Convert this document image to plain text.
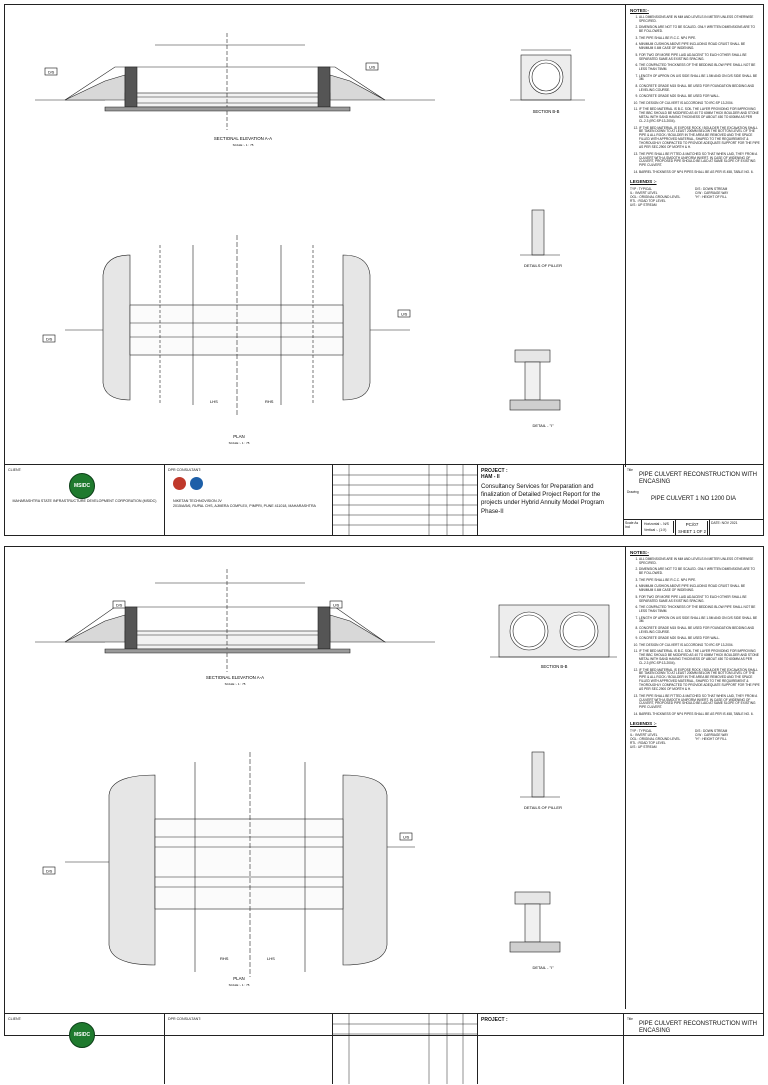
D/S
U/S
SECTIONAL ELEVATION A-A
SCALE :- 1 : 75
SECTION B-B
D/S
U/S
LHS	RHS
PLAN
SCALE :- 1 : 75
DETAILS OF PILLER
DETAIL - "I"
NOTES:-
1. ALL DIMENSIONS ARE IN MM AND LEVELS IN METER UNLESS OTHERWISE SPECIFIED.
2. DIMENSION ARE NOT TO BE SCALED. ONLY WRITTEN DIMENSIONS ARE TO BE FOLLOWED.
3. THE PIPE SHALL BE R.C.C. NP4 PIPE.
4. MINIMUM CUSHION ABOVE PIPE INCLUDING ROAD CRUST SHALL BE MINIMUM 0.6M CASE OF WIDENING.
5. FOR TWO OR MORE PIPE LAID ADJACENT TO EACH OTHER SHALL BE SEPARATED SAME AS EXISTING SPACING.
6. THE COMPACTED THICKNESS OF THE BEDDING BLOW PIPE SHALL NOT BE LESS THAN 75MM.
7. LENGTH OF APRON ON U/S SIDE SHALL BE 1.5M AND ON D/S SIDE SHALL BE 3M.
8. CONCRETE GRADE M15 SHALL BE USED FOR FOUNDATION BEDDING AND LEVELING COURSE.
9. CONCRETE GRADE M20 SHALL BE USED FOR WALL.
10. THE DESIGN OF CULVERT IS ACCORDING TO IRC:SP 13-2004.
11. IF THE BED MATERIAL IS B.C. SOIL THE LAYER PROVIDING FOR IMPROVING THE BBC SHOULD BE MODIFIED AS 40 TO 60MM THICK BOULDER AND STONE METAL WITH SAND HAVING THICKNESS OF ABOUT 450 TO 600MM AS PER CL.2.3 (IRC:SP:13-2004).
12. IF THE BED MATERIAL IS EXPOSE ROCK / BOULDER THE EXCAVATION SHALL BE TAKEN DOWN TO AT LEAST 200MM BELOW THE BOTTOM LEVEL OF THE PIPE & ALL ROCK / BOULDER IN THE AREA BE REMOVED AND THE SPACE FILLED WITH APPROVED MATERIAL, SHAPED TO THE REQUIREMENT & THOROUGHLY COMPACTED TO PROVIDE ADEQUATE SUPPORT FOR THE PIPE AS PER SEC.2900 OF MORTH & H.
13. THE PIPE SHALL BE FITTED & MATCHED SO THAT WHEN LAID, THEY FROM A CULVERT WITH A SMOOTH UNIFORM INVERT. IN CASE OF WIDENING OF CULVERT, PROPOSED PIPE SHOULD BE LAID AT SAME SLOPE OF EXISTING PIPE CULVERT.
14. BARREL THICKNESS OF NP4 PIPES SHALL BE AS PER IS 458, TABLE NO. 6.
LEGENDS :-
TYP : TYPICAL	D/S : DOWN STREAM
IL : INVERT LEVEL	C/W : CARRIAGE WAY
OGL : ORIGINAL GROUND LEVEL	"H" : HEIGHT OF FILL
RTL : ROAD TOP LEVEL
U/S : UP STREAM
CLIENT:
MSIDC
MAHARASHTRA STATE INFRASTRUCTURE DEVELOPMENT CORPORATION (MSIDC)
DPR CONSULTANT:
NIKETAN TECHNOVISION JV
2015/A/5/6, RUPAL CHS, AJMERA COMPLEX, PIMPRI, PUNE 411018, MAHARASHTRA
PROJECT :
HAM - II
Consultancy Services for Preparation and finalization of Detailed Project Report for the projects under Hybrid Annuity Model Program Phase-II
Title
PIPE CULVERT RECONSTRUCTION WITH ENCASING
Drawing
PIPE CULVERT 1 NO 1200 DIA
Scale As Ind
Horizontal :- N/S
Vertical :- (1:X)
PC/07
SHEET 1 OF 2
DATE: NOV 2021
D/S	U/S
SECTIONAL ELEVATION A-A
SCALE :- 1 : 75
SECTION B-B
D/S
U/S
RHS	LHS
PLAN
SCALE :- 1 : 75
DETAILS OF PILLER
DETAIL - "I"
NOTES:-
1. ALL DIMENSIONS ARE IN MM AND LEVELS IN METER UNLESS OTHERWISE SPECIFIED.
2. DIMENSION ARE NOT TO BE SCALED. ONLY WRITTEN DIMENSIONS ARE TO BE FOLLOWED.
3. THE PIPE SHALL BE R.C.C. NP4 PIPE.
4. MINIMUM CUSHION ABOVE PIPE INCLUDING ROAD CRUST SHALL BE MINIMUM 0.6M CASE OF WIDENING.
5. FOR TWO OR MORE PIPE LAID ADJACENT TO EACH OTHER SHALL BE SEPARATED SAME AS EXISTING SPACING.
6. THE COMPACTED THICKNESS OF THE BEDDING BLOW PIPE SHALL NOT BE LESS THAN 75MM.
7. LENGTH OF APRON ON U/S SIDE SHALL BE 1.5M AND ON D/S SIDE SHALL BE 3M.
8. CONCRETE GRADE M15 SHALL BE USED FOR FOUNDATION BEDDING AND LEVELING COURSE.
9. CONCRETE GRADE M20 SHALL BE USED FOR WALL.
10. THE DESIGN OF CULVERT IS ACCORDING TO IRC:SP 13-2004.
11. IF THE BED MATERIAL IS B.C. SOIL THE LAYER PROVIDING FOR IMPROVING THE BBC SHOULD BE MODIFIED AS 40 TO 60MM THICK BOULDER AND STONE METAL WITH SAND HAVING THICKNESS OF ABOUT 450 TO 600MM AS PER CL.2.3 (IRC:SP:13-2004).
12. IF THE BED MATERIAL IS EXPOSE ROCK / BOULDER THE EXCAVATION SHALL BE TAKEN DOWN TO AT LEAST 200MM BELOW THE BOTTOM LEVEL OF THE PIPE & ALL ROCK / BOULDER IN THE AREA BE REMOVED AND THE SPACE FILLED WITH APPROVED MATERIAL, SHAPED TO THE REQUIREMENT & THOROUGHLY COMPACTED TO PROVIDE ADEQUATE SUPPORT FOR THE PIPE AS PER SEC.2900 OF MORTH & H.
13. THE PIPE SHALL BE FITTED & MATCHED SO THAT WHEN LAID, THEY FROM A CULVERT WITH A SMOOTH UNIFORM INVERT. IN CASE OF WIDENING OF CULVERT, PROPOSED PIPE SHOULD BE LAID AT SAME SLOPE OF EXISTING PIPE CULVERT.
14. BARREL THICKNESS OF NP4 PIPES SHALL BE AS PER IS 458, TABLE NO. 6.
LEGENDS :-
TYP : TYPICAL	D/S : DOWN STREAM
IL : INVERT LEVEL	C/W : CARRIAGE WAY
OGL : ORIGINAL GROUND LEVEL	"H" : HEIGHT OF FILL
RTL : ROAD TOP LEVEL
U/S : UP STREAM
CLIENT:
MSIDC
DPR CONSULTANT:	PROJECT :	Title
PIPE CULVERT RECONSTRUCTION WITH ENCASING
